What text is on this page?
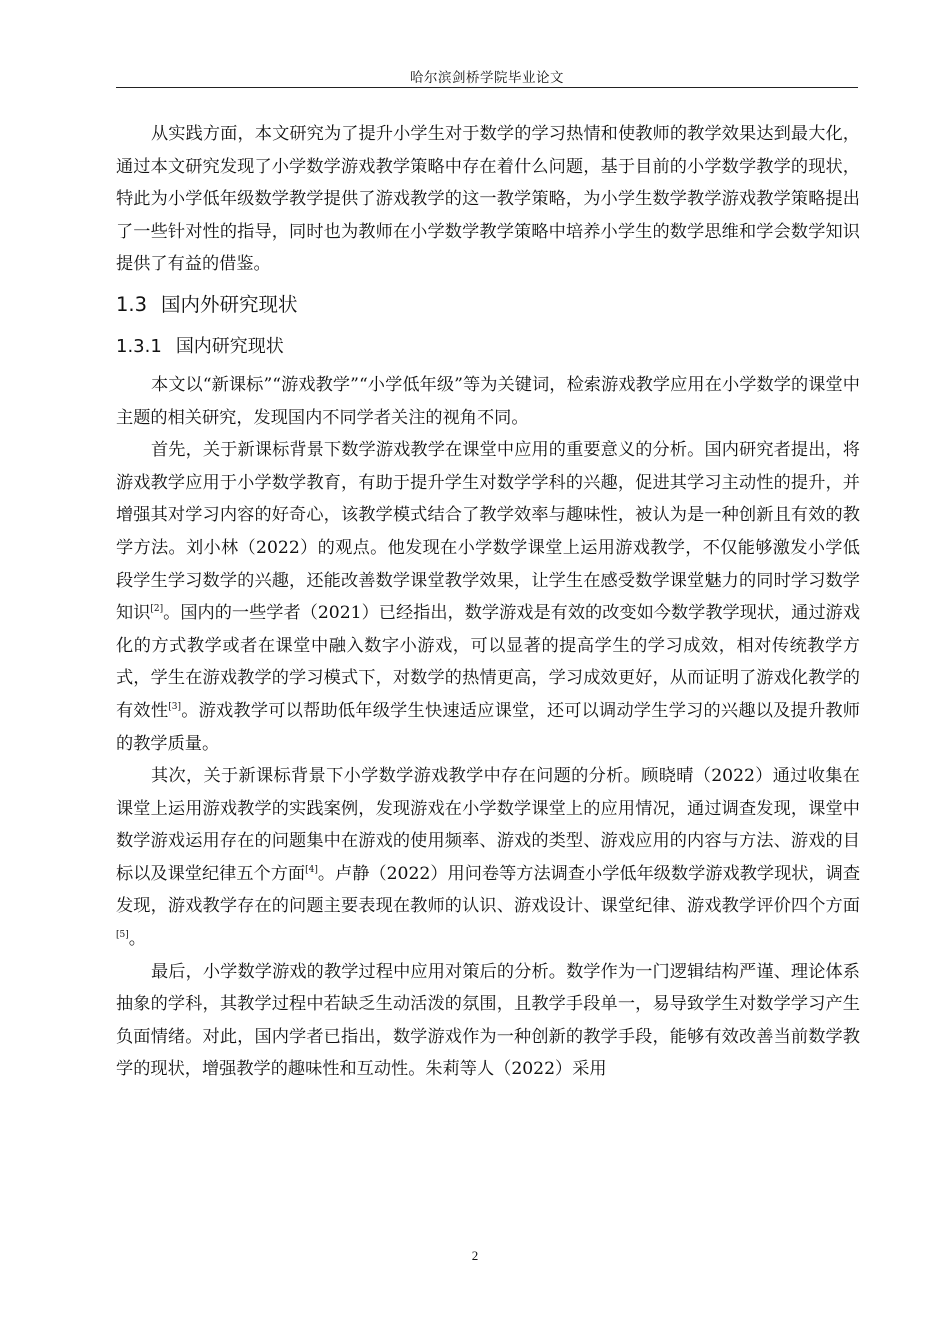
哈尔滨剑桥学院毕业论文

从实践方面，本文研究为了提升小学生对于数学的学习热情和使教师的教学效果达到最大化，通过本文研究发现了小学数学游戏教学策略中存在着什么问题，基于目前的小学数学教学的现状，特此为小学低年级数学教学提供了游戏教学的这一教学策略，为小学生数学教学游戏教学策略提出了一些针对性的指导，同时也为教师在小学数学教学策略中培养小学生的数学思维和学会数学知识提供了有益的借鉴。

1.3 国内外研究现状
1.3.1 国内研究现状

本文以“新课标”“游戏教学”“小学低年级”等为关键词，检索游戏教学应用在小学数学的课堂中主题的相关研究，发现国内不同学者关注的视角不同。

首先，关于新课标背景下数学游戏教学在课堂中应用的重要意义的分析。国内研究者提出，将游戏教学应用于小学数学教育，有助于提升学生对数学学科的兴趣，促进其学习主动性的提升，并增强其对学习内容的好奇心，该教学模式结合了教学效率与趣味性，被认为是一种创新且有效的教学方法。刘小林（2022）的观点。他发现在小学数学课堂上运用游戏教学，不仅能够激发小学低段学生学习数学的兴趣，还能改善数学课堂教学效果，让学生在感受数学课堂魅力的同时学习数学知识[2]。国内的一些学者（2021）已经指出，数学游戏是有效的改变如今数学教学现状，通过游戏化的方式教学或者在课堂中融入数字小游戏，可以显著的提高学生的学习成效，相对传统教学方式，学生在游戏教学的学习模式下，对数学的热情更高，学习成效更好，从而证明了游戏化教学的有效性[3]。游戏教学可以帮助低年级学生快速适应课堂，还可以调动学生学习的兴趣以及提升教师的教学质量。

其次，关于新课标背景下小学数学游戏教学中存在问题的分析。顾晓晴（2022）通过收集在课堂上运用游戏教学的实践案例，发现游戏在小学数学课堂上的应用情况，通过调查发现，课堂中数学游戏运用存在的问题集中在游戏的使用频率、游戏的类型、游戏应用的内容与方法、游戏的目标以及课堂纪律五个方面[4]。卢静（2022）用问卷等方法调查小学低年级数学游戏教学现状，调查发现，游戏教学存在的问题主要表现在教师的认识、游戏设计、课堂纪律、游戏教学评价四个方面[5]。

最后，小学数学游戏的教学过程中应用对策后的分析。数学作为一门逻辑结构严谨、理论体系抽象的学科，其教学过程中若缺乏生动活泼的氛围，且教学手段单一，易导致学生对数学学习产生负面情绪。对此，国内学者已指出，数学游戏作为一种创新的教学手段，能够有效改善当前数学教学的现状，增强教学的趣味性和互动性。朱莉等人（2022）采用

2
